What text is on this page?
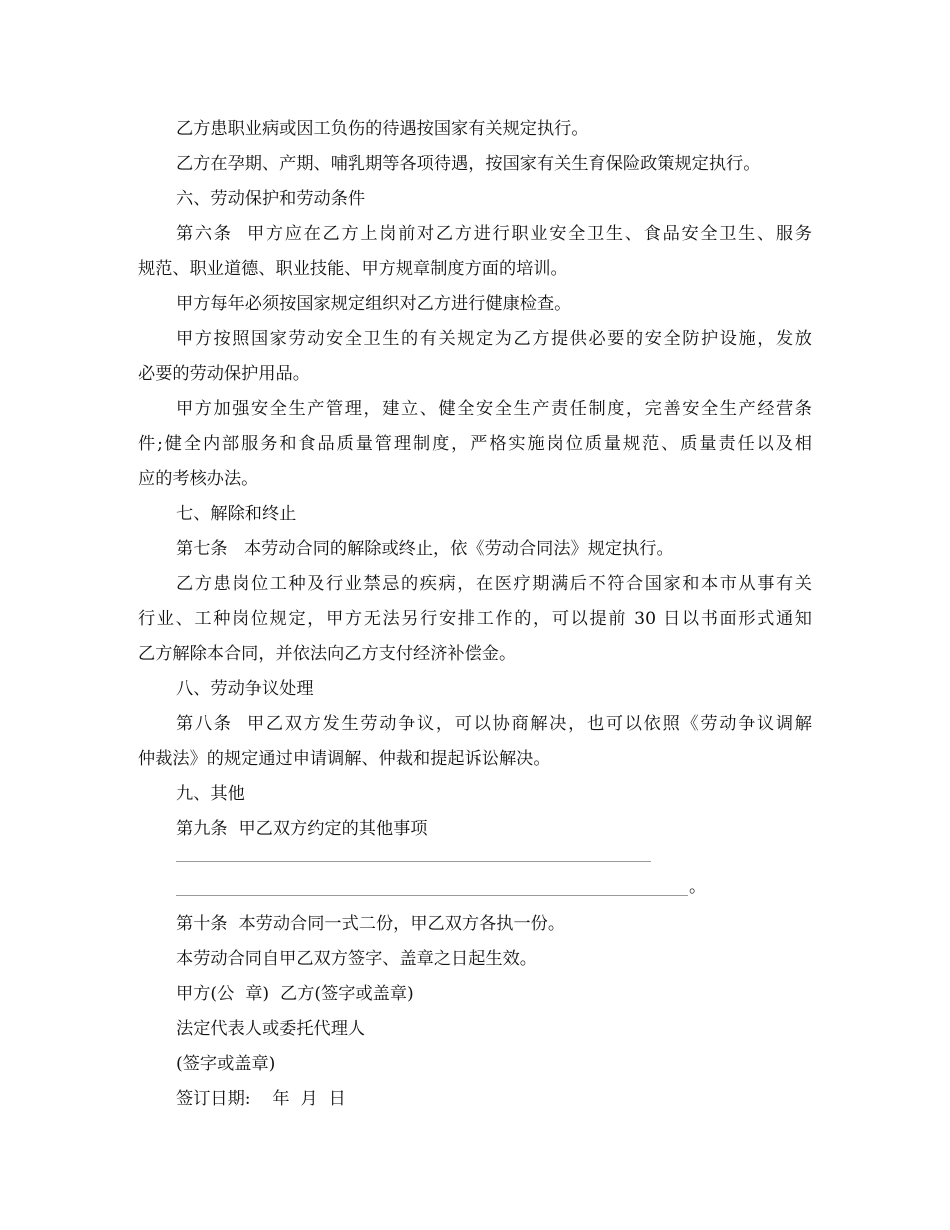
乙方患职业病或因工负伤的待遇按国家有关规定执行。
乙方在孕期、产期、哺乳期等各项待遇，按国家有关生育保险政策规定执行。
六、劳动保护和劳动条件
第六条  甲方应在乙方上岗前对乙方进行职业安全卫生、食品安全卫生、服务
规范、职业道德、职业技能、甲方规章制度方面的培训。
甲方每年必须按国家规定组织对乙方进行健康检查。
甲方按照国家劳动安全卫生的有关规定为乙方提供必要的安全防护设施，发放
必要的劳动保护用品。
甲方加强安全生产管理，建立、健全安全生产责任制度，完善安全生产经营条
件;健全内部服务和食品质量管理制度，严格实施岗位质量规范、质量责任以及相
应的考核办法。
七、解除和终止
第七条   本劳动合同的解除或终止，依《劳动合同法》规定执行。
乙方患岗位工种及行业禁忌的疾病，在医疗期满后不符合国家和本市从事有关
行业、工种岗位规定，甲方无法另行安排工作的，可以提前 30 日以书面形式通知
乙方解除本合同，并依法向乙方支付经济补偿金。
八、劳动争议处理
第八条  甲乙双方发生劳动争议，可以协商解决，也可以依照《劳动争议调解
仲裁法》的规定通过申请调解、仲裁和提起诉讼解决。
九、其他
第九条  甲乙双方约定的其他事项
。
第十条  本劳动合同一式二份，甲乙双方各执一份。
本劳动合同自甲乙双方签字、盖章之日起生效。
甲方(公  章)  乙方(签字或盖章)
法定代表人或委托代理人
(签字或盖章)
签订日期:    年  月  日
